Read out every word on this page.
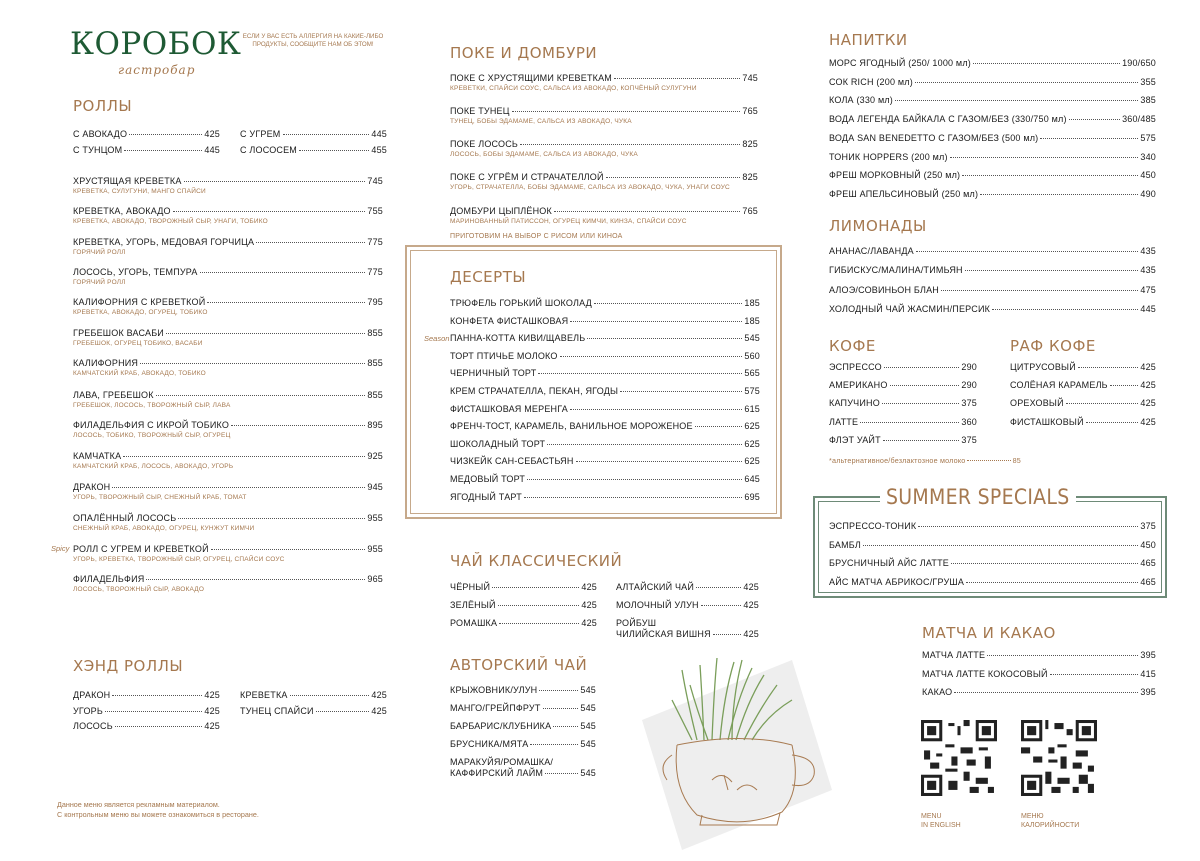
КОРОБОК
гастробар
ЕСЛИ У ВАС ЕСТЬ АЛЛЕРГИЯ НА КАКИЕ-ЛИБО
ПРОДУКТЫ, СООБЩИТЕ НАМ ОБ ЭТОМ!
РОЛЛЫ
ХЭНД РОЛЛЫ
ПОКЕ И ДОМБУРИ
ДЕСЕРТЫ
ЧАЙ КЛАССИЧЕСКИЙ
АВТОРСКИЙ ЧАЙ
НАПИТКИ
ЛИМОНАДЫ
КОФЕ	РАФ КОФЕ
МАТЧА И КАКАО
SUMMER SPECIALS
Spicy
Season
С АВОКАДО	425
С ТУНЦОМ	445
С УГРЕМ	445
С ЛОСОСЕМ	455
ХРУСТЯЩАЯ КРЕВЕТКА	745
КРЕВЕТКА, СУЛУГУНИ, МАНГО СПАЙСИ
КРЕВЕТКА, АВОКАДО	755
КРЕВЕТКА, АВОКАДО, ТВОРОЖНЫЙ СЫР, УНАГИ, ТОБИКО
КРЕВЕТКА, УГОРЬ, МЕДОВАЯ ГОРЧИЦА	775
ГОРЯЧИЙ РОЛЛ
ЛОСОСЬ, УГОРЬ, ТЕМПУРА	775
ГОРЯЧИЙ РОЛЛ
КАЛИФОРНИЯ С КРЕВЕТКОЙ	795
КРЕВЕТКА, АВОКАДО, ОГУРЕЦ, ТОБИКО
ГРЕБЕШОК ВАСАБИ	855
ГРЕБЕШОК, ОГУРЕЦ ТОБИКО, ВАСАБИ
КАЛИФОРНИЯ	855
КАМЧАТСКИЙ КРАБ, АВОКАДО, ТОБИКО
ЛАВА, ГРЕБЕШОК	855
ГРЕБЕШОК, ЛОСОСЬ, ТВОРОЖНЫЙ СЫР, ЛАВА
ФИЛАДЕЛЬФИЯ С ИКРОЙ ТОБИКО	895
ЛОСОСЬ, ТОБИКО, ТВОРОЖНЫЙ СЫР, ОГУРЕЦ
КАМЧАТКА	925
КАМЧАТСКИЙ КРАБ, ЛОСОСЬ, АВОКАДО, УГОРЬ
ДРАКОН	945
УГОРЬ, ТВОРОЖНЫЙ СЫР, СНЕЖНЫЙ КРАБ, ТОМАТ
ОПАЛЁННЫЙ ЛОСОСЬ	955
СНЕЖНЫЙ КРАБ, АВОКАДО, ОГУРЕЦ, КУНЖУТ КИМЧИ
РОЛЛ С УГРЕМ И КРЕВЕТКОЙ	955
УГОРЬ, КРЕВЕТКА, ТВОРОЖНЫЙ СЫР, ОГУРЕЦ, СПАЙСИ СОУС
ФИЛАДЕЛЬФИЯ	965
ЛОСОСЬ, ТВОРОЖНЫЙ СЫР, АВОКАДО
ДРАКОН	425
УГОРЬ	425
ЛОСОСЬ	425
КРЕВЕТКА	425
ТУНЕЦ СПАЙСИ	425
ПОКЕ С ХРУСТЯЩИМИ КРЕВЕТКАМ	745
КРЕВЕТКИ, СПАЙСИ СОУС, САЛЬСА ИЗ АВОКАДО, КОПЧЁНЫЙ СУЛУГУНИ
ПОКЕ ТУНЕЦ	765
ТУНЕЦ, БОБЫ ЭДАМАМЕ, САЛЬСА ИЗ АВОКАДО, ЧУКА
ПОКЕ ЛОСОСЬ	825
ЛОСОСЬ, БОБЫ ЭДАМАМЕ, САЛЬСА ИЗ АВОКАДО, ЧУКА
ПОКЕ С УГРЁМ И СТРАЧАТЕЛЛОЙ	825
УГОРЬ, СТРАЧАТЕЛЛА, БОБЫ ЭДАМАМЕ, САЛЬСА ИЗ АВОКАДО, ЧУКА, УНАГИ СОУС
ДОМБУРИ ЦЫПЛЁНОК	765
МАРИНОВАННЫЙ ПАТИССОН, ОГУРЕЦ КИМЧИ, КИНЗА, СПАЙСИ СОУС
ТРЮФЕЛЬ ГОРЬКИЙ ШОКОЛАД	185
КОНФЕТА ФИСТАШКОВАЯ	185
ПАННА-КОТТА КИВИ/ЩАВЕЛЬ	545
ТОРТ ПТИЧЬЕ МОЛОКО	560
ЧЕРНИЧНЫЙ ТОРТ	565
КРЕМ СТРАЧАТЕЛЛА, ПЕКАН, ЯГОДЫ	575
ФИСТАШКОВАЯ МЕРЕНГА	615
ФРЕНЧ-ТОСТ, КАРАМЕЛЬ, ВАНИЛЬНОЕ МОРОЖЕНОЕ	625
ШОКОЛАДНЫЙ ТОРТ	625
ЧИЗКЕЙК САН-СЕБАСТЬЯН	625
МЕДОВЫЙ ТОРТ	645
ЯГОДНЫЙ ТАРТ	695
ЧЁРНЫЙ	425
ЗЕЛЁНЫЙ	425
РОМАШКА	425
АЛТАЙСКИЙ ЧАЙ	425
МОЛОЧНЫЙ УЛУН	425
РОЙБУШ
ЧИЛИЙСКАЯ ВИШНЯ	425
КРЫЖОВНИК/УЛУН	545
МАНГО/ГРЕЙПФРУТ	545
БАРБАРИС/КЛУБНИКА	545
БРУСНИКА/МЯТА	545
МАРАКУЙЯ/РОМАШКА/
КАФФИРСКИЙ ЛАЙМ	545
МОРС ЯГОДНЫЙ (250/ 1000 мл)	190/650
СОК RICH (200 мл)	355
КОЛА (330 мл)	385
ВОДА ЛЕГЕНДА БАЙКАЛА С ГАЗОМ/БЕЗ (330/750 мл)	360/485
ВОДА SAN BENEDETTO С ГАЗОМ/БЕЗ (500 мл)	575
ТОНИК HOPPERS (200 мл)	340
ФРЕШ МОРКОВНЫЙ (250 мл)	450
ФРЕШ АПЕЛЬСИНОВЫЙ (250 мл)	490
АНАНАС/ЛАВАНДА	435
ГИБИСКУС/МАЛИНА/ТИМЬЯН	435
АЛОЭ/СОВИНЬОН БЛАН	475
ХОЛОДНЫЙ ЧАЙ ЖАСМИН/ПЕРСИК	445
ЭСПРЕССО	290
АМЕРИКАНО	290
КАПУЧИНО	375
ЛАТТЕ	360
ФЛЭТ УАЙТ	375
ЦИТРУСОВЫЙ	425
СОЛЁНАЯ КАРАМЕЛЬ	425
ОРЕХОВЫЙ	425
ФИСТАШКОВЫЙ	425
ЭСПРЕССО-ТОНИК	375
БАМБЛ	450
БРУСНИЧНЫЙ АЙС ЛАТТЕ	465
АЙС МАТЧА АБРИКОС/ГРУША	465
МАТЧА ЛАТТЕ	395
МАТЧА ЛАТТЕ КОКОСОВЫЙ	415
КАКАО	395
ПРИГОТОВИМ НА ВЫБОР С РИСОМ ИЛИ КИНОА
*альтернативное/безлактозное молоко	85
Данное меню является рекламным материалом.
С контрольным меню вы можете ознакомиться в ресторане.	MENU
IN ENGLISH
МЕНЮ
КАЛОРИЙНОСТИ
